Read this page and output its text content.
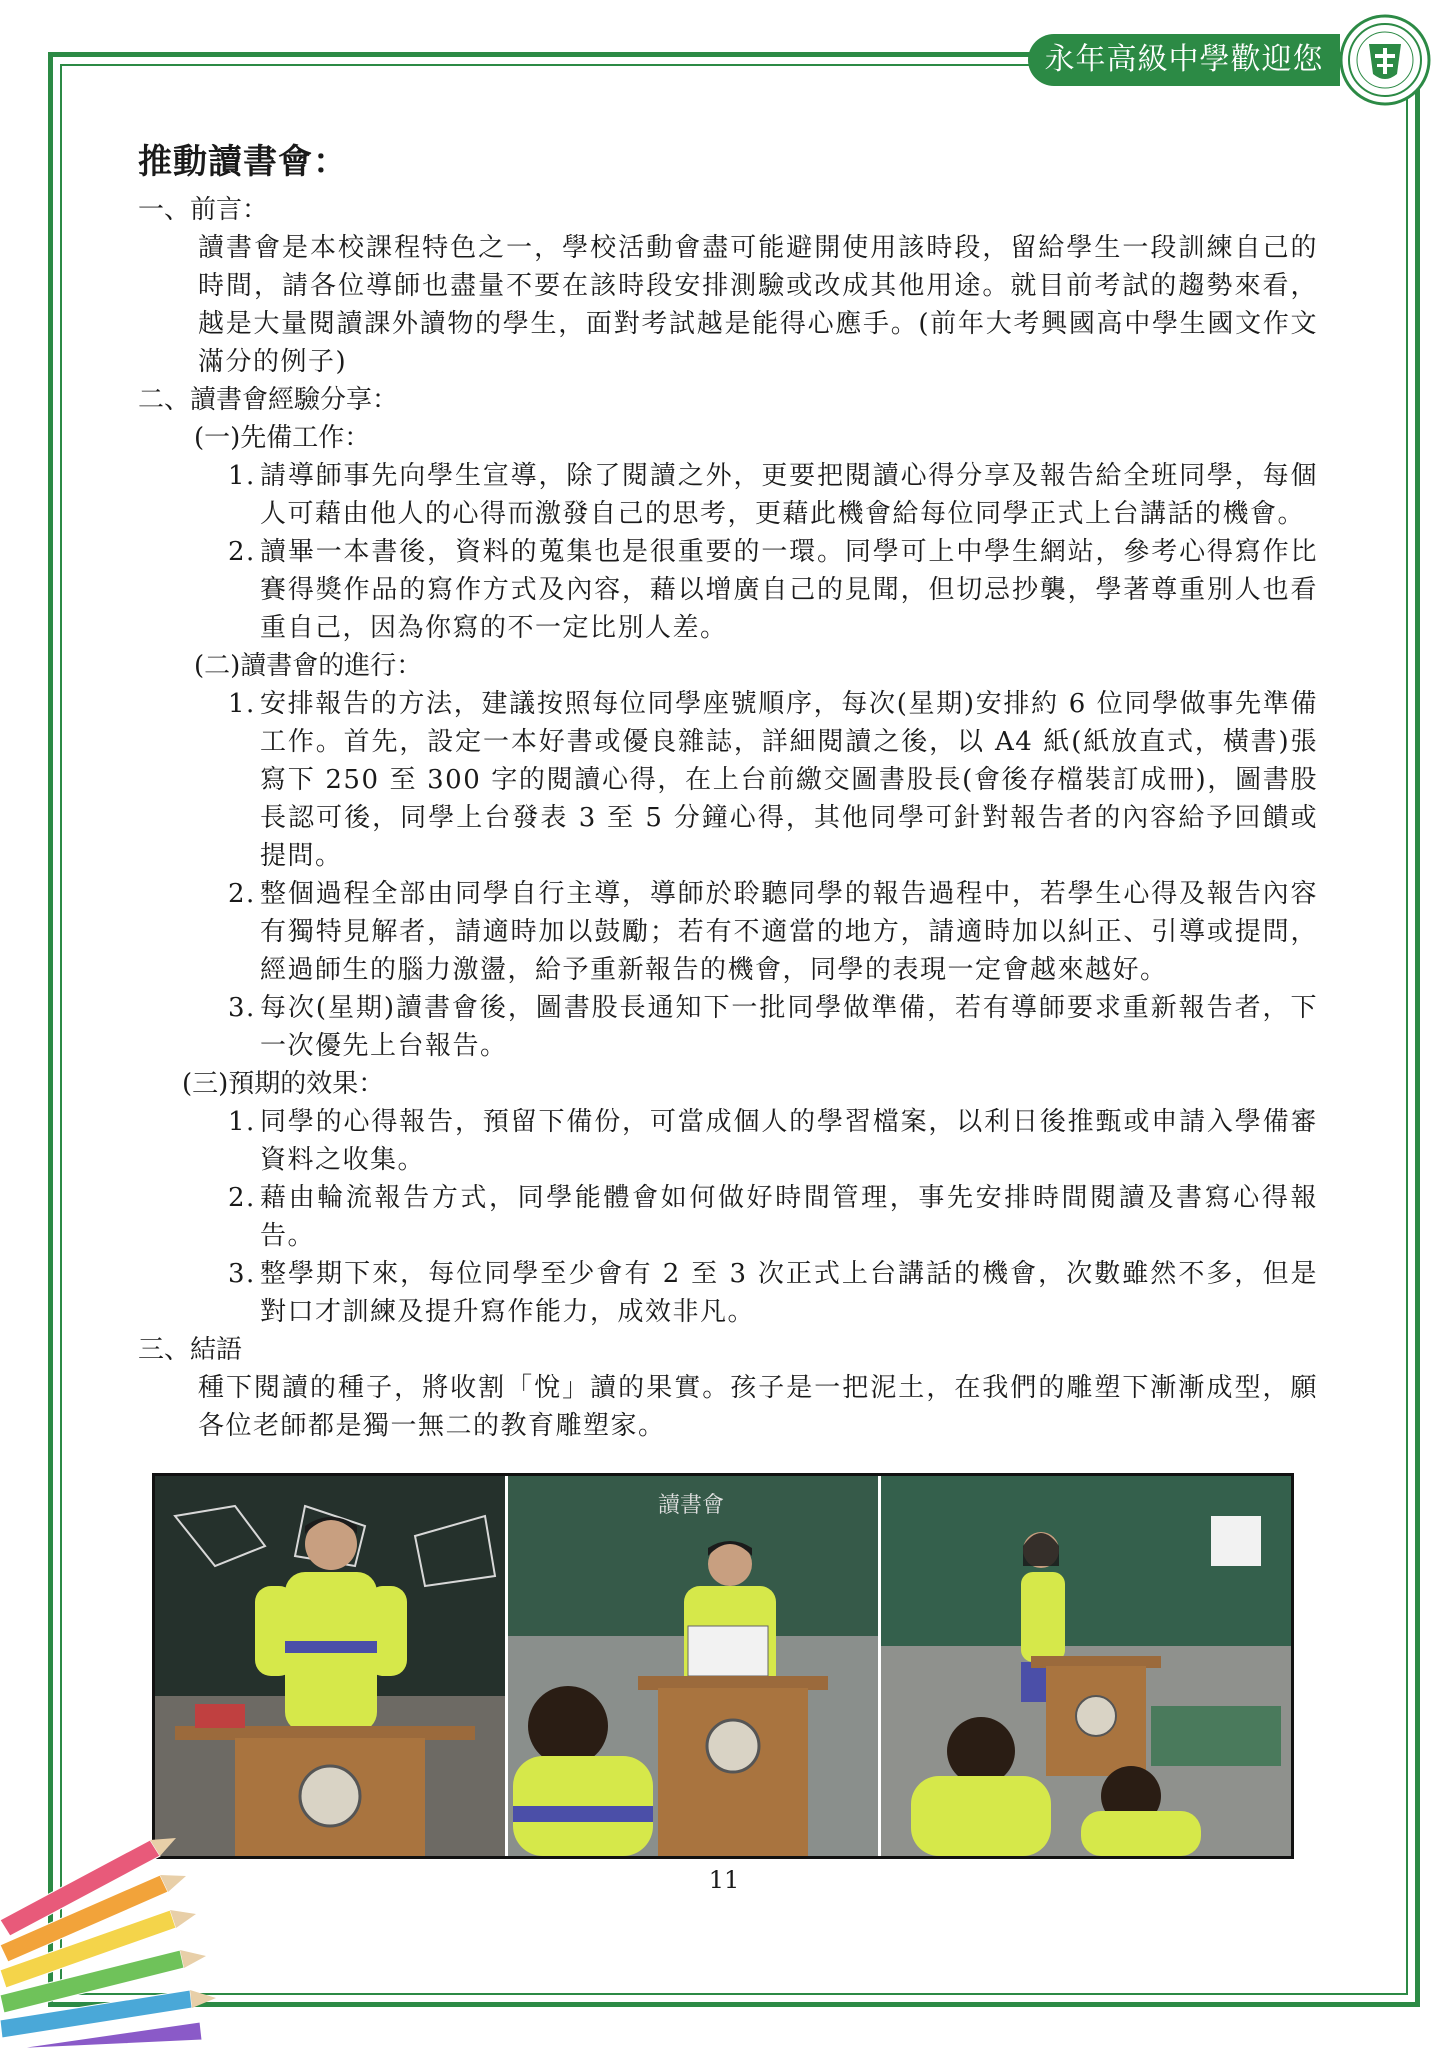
永年高級中學歡迎您
推動讀書會：
一、前言：
讀書會是本校課程特色之一，學校活動會盡可能避開使用該時段，留給學生一段訓練自己的時間，請各位導師也盡量不要在該時段安排測驗或改成其他用途。就目前考試的趨勢來看，越是大量閱讀課外讀物的學生，面對考試越是能得心應手。(前年大考興國高中學生國文作文滿分的例子)
二、讀書會經驗分享：
(一)先備工作：
1. 請導師事先向學生宣導，除了閱讀之外，更要把閱讀心得分享及報告給全班同學，每個人可藉由他人的心得而激發自己的思考，更藉此機會給每位同學正式上台講話的機會。
2. 讀畢一本書後，資料的蒐集也是很重要的一環。同學可上中學生網站，參考心得寫作比賽得獎作品的寫作方式及內容，藉以增廣自己的見聞，但切忌抄襲，學著尊重別人也看重自己，因為你寫的不一定比別人差。
(二)讀書會的進行：
1. 安排報告的方法，建議按照每位同學座號順序，每次(星期)安排約 6 位同學做事先準備工作。首先，設定一本好書或優良雜誌，詳細閱讀之後，以 A4 紙(紙放直式，橫書)張寫下 250 至 300 字的閱讀心得，在上台前繳交圖書股長(會後存檔裝訂成冊)，圖書股長認可後，同學上台發表 3 至 5 分鐘心得，其他同學可針對報告者的內容給予回饋或提問。
2. 整個過程全部由同學自行主導，導師於聆聽同學的報告過程中，若學生心得及報告內容有獨特見解者，請適時加以鼓勵；若有不適當的地方，請適時加以糾正、引導或提問，經過師生的腦力激盪，給予重新報告的機會，同學的表現一定會越來越好。
3. 每次(星期)讀書會後，圖書股長通知下一批同學做準備，若有導師要求重新報告者，下一次優先上台報告。
(三)預期的效果：
1. 同學的心得報告，預留下備份，可當成個人的學習檔案，以利日後推甄或申請入學備審資料之收集。
2. 藉由輪流報告方式，同學能體會如何做好時間管理，事先安排時間閱讀及書寫心得報告。
3. 整學期下來，每位同學至少會有 2 至 3 次正式上台講話的機會，次數雖然不多，但是對口才訓練及提升寫作能力，成效非凡。
三、結語
種下閱讀的種子，將收割「悅」讀的果實。孩子是一把泥土，在我們的雕塑下漸漸成型，願各位老師都是獨一無二的教育雕塑家。
讀書會
11
